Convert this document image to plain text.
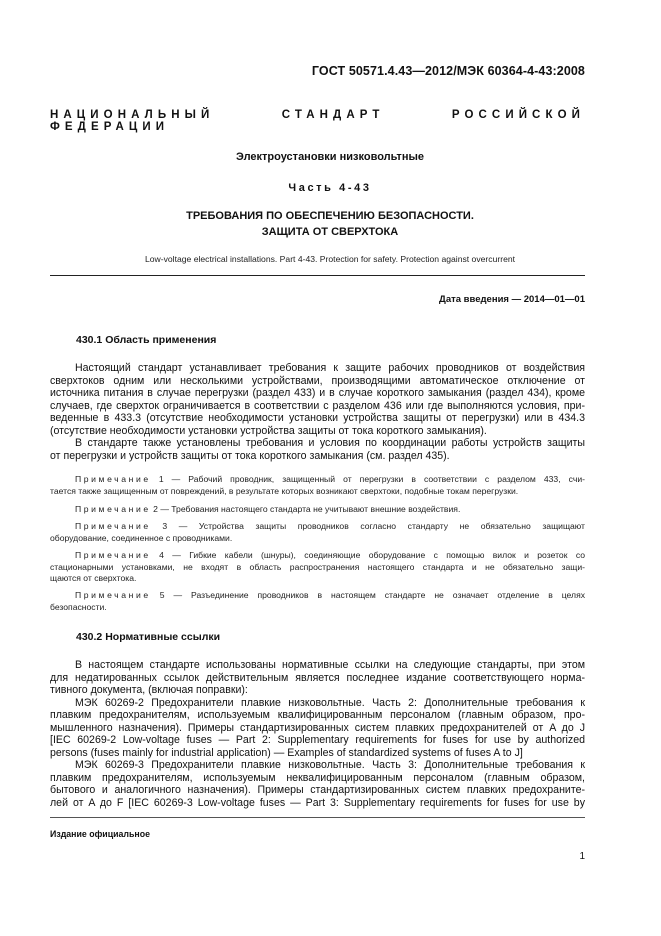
ГОСТ 50571.4.43—2012/МЭК 60364-4-43:2008
НАЦИОНАЛЬНЫЙ СТАНДАРТ РОССИЙСКОЙ ФЕДЕРАЦИИ
Электроустановки низковольтные
Часть 4-43
ТРЕБОВАНИЯ ПО ОБЕСПЕЧЕНИЮ БЕЗОПАСНОСТИ.
ЗАЩИТА ОТ СВЕРХТОКА
Low-voltage electrical installations. Part 4-43. Protection for safety. Protection against overcurrent
Дата введения — 2014—01—01
430.1 Область применения
Настоящий стандарт устанавливает требования к защите рабочих проводников от воздействия
сверхтоков одним или несколькими устройствами, производящими автоматическое отключение от
источника питания в случае перегрузки (раздел 433) и в случае короткого замыкания (раздел 434), кроме
случаев, где сверхток ограничивается в соответствии с разделом 436 или где выполняются условия, при-
веденные в 433.3 (отсутствие необходимости установки устройства защиты от перегрузки) или в 434.3
(отсутствие необходимости установки устройства защиты от тока короткого замыкания).
В стандарте также установлены требования и условия по координации работы устройств защиты
от перегрузки и устройств защиты от тока короткого замыкания (см. раздел 435).
Примечание 1 — Рабочий проводник, защищенный от перегрузки в соответствии с разделом 433, счи-
тается также защищенным от повреждений, в результате которых возникают сверхтоки, подобные токам перегрузки.
Примечание 2 — Требования настоящего стандарта не учитывают внешние воздействия.
Примечание 3 — Устройства защиты проводников согласно стандарту не обязательно защищают
оборудование, соединенное с проводниками.
Примечание 4 — Гибкие кабели (шнуры), соединяющие оборудование с помощью вилок и розеток со
стационарными установками, не входят в область распространения настоящего стандарта и не обязательно защи-
щаются от сверхтока.
Примечание 5 — Разъединение проводников в настоящем стандарте не означает отделение в целях
безопасности.
430.2 Нормативные ссылки
В настоящем стандарте использованы нормативные ссылки на следующие стандарты, при этом
для недатированных ссылок действительным является последнее издание соответствующего норма-
тивного документа, (включая поправки):
МЭК 60269-2 Предохранители плавкие низковольтные. Часть 2: Дополнительные требования к
плавким предохранителям, используемым квалифицированным персоналом (главным образом, про-
мышленного назначения). Примеры стандартизированных систем плавких предохранителей от A до J
[IEC 60269-2 Low-voltage fuses — Part 2: Supplementary requirements for fuses for use by authorized
persons (fuses mainly for industrial application) — Examples of standardized systems of fuses A to J]
МЭК 60269-3 Предохранители плавкие низковольтные. Часть 3: Дополнительные требования к
плавким предохранителям, используемым неквалифицированным персоналом (главным образом,
бытового и аналогичного назначения). Примеры стандартизированных систем плавких предохраните-
лей от A до F [IEC 60269-3 Low-voltage fuses — Part 3: Supplementary requirements for fuses for use by
Издание официальное
1
